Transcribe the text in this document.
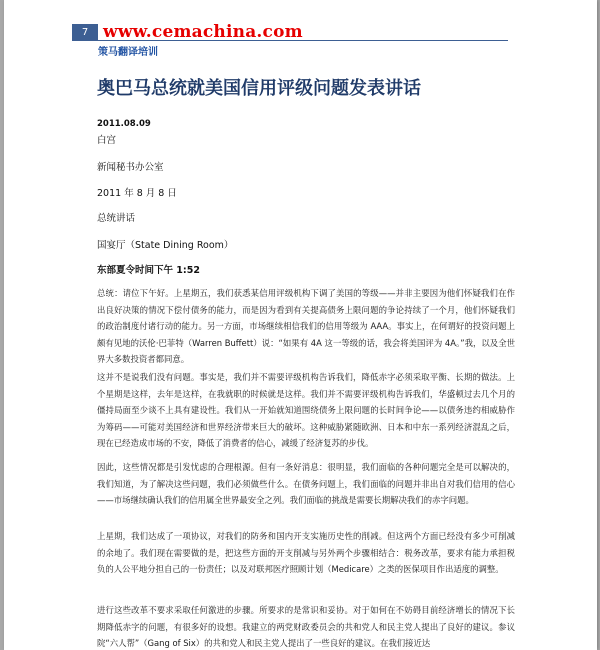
7 www.cemachina.com
策马翻译培训
奥巴马总统就美国信用评级问题发表讲话
2011.08.09
白宫
新闻秘书办公室
2011 年 8 月 8 日
总统讲话
国宴厅（State Dining Room）
东部夏令时间下午 1:52

总统：请位下午好。上星期五，我们获悉某信用评级机构下调了美国的等级——并非主要因为他们怀疑我们在作出良好决策的情况下偿付债务的能力，而是因为看到有关提高债务上限问题的争论持续了一个月，他们怀疑我们的政治制度付诸行动的能力。另一方面，市场继续相信我们的信用等级为 AAA。事实上，在何谓好的投资问题上颇有见地的沃伦·巴菲特（Warren Buffett）说：“如果有 4A 这一等级的话，我会将美国评为 4A。”我，以及全世界大多数投资者都同意。

这并不是说我们没有问题。事实是，我们并不需要评级机构告诉我们，降低赤字必须采取平衡、长期的做法。上个星期是这样，去年是这样，在我就职的时候就是这样。我们并不需要评级机构告诉我们，华盛顿过去几个月的僵持局面至少谈不上具有建设性。我们从一开始就知道围绕债务上限问题的长时间争论——以债务违约相威胁作为筹码——可能对美国经济和世界经济带来巨大的破坏。这种威胁紧随欧洲、日本和中东一系列经济混乱之后，现在已经造成市场的不安，降低了消费者的信心，减缓了经济复苏的步伐。

因此，这些情况都是引发忧虑的合理根源。但有一条好消息：很明显，我们面临的各种问题完全是可以解决的，我们知道，为了解决这些问题，我们必须做些什么。在债务问题上，我们面临的问题并非出自对我们信用的信心——市场继续确认我们的信用属全世界最安全之列。我们面临的挑战是需要长期解决我们的赤字问题。

上星期，我们达成了一项协议，对我们的防务和国内开支实施历史性的削减。但这两个方面已经没有多少可削减的余地了。我们现在需要做的是，把这些方面的开支削减与另外两个步骤相结合：税务改革，要求有能力承担税负的人公平地分担自己的一份责任；以及对联邦医疗照顾计划（Medicare）之类的医保项目作出适度的调整。

进行这些改革不要求采取任何激进的步骤。所要求的是常识和妥协。对于如何在不妨碍目前经济增长的情况下长期降低赤字的问题，有很多好的设想。我建立的两党财政委员会的共和党人和民主党人提出了良好的建议。参议院“六人帮”（Gang of Six）的共和党人和民主党人提出了一些良好的建议。在我们接近达
